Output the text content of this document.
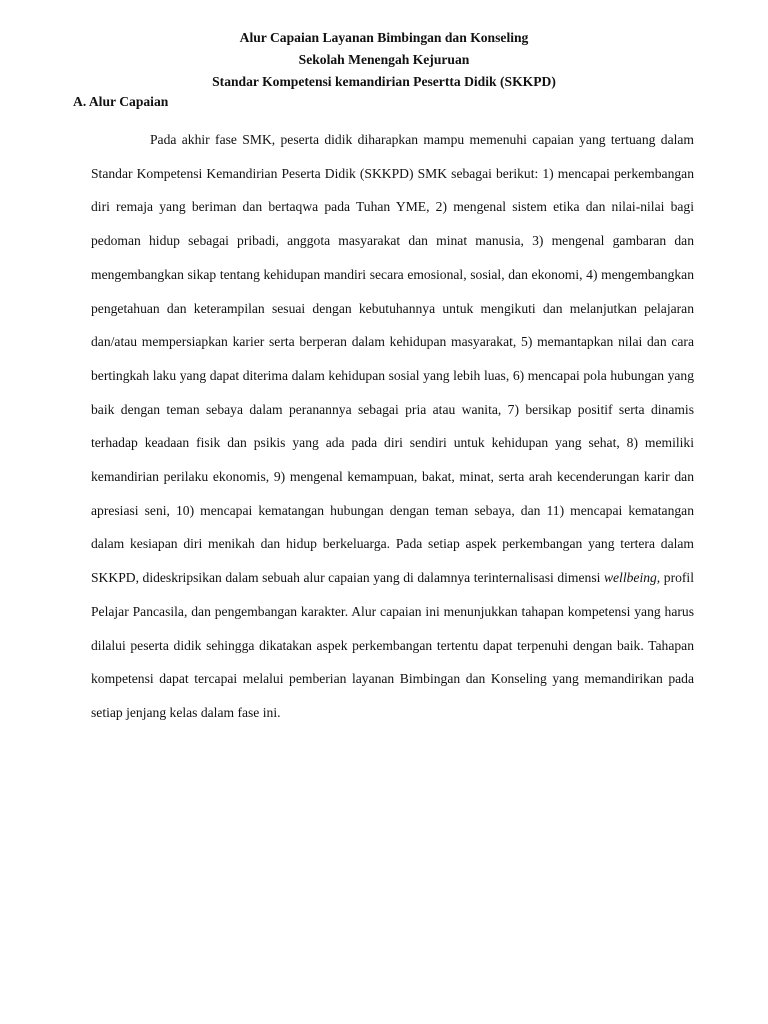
Alur Capaian Layanan Bimbingan dan Konseling

Sekolah Menengah Kejuruan

Standar Kompetensi kemandirian Pesertta Didik (SKKPD)

A. Alur Capaian

Pada akhir fase SMK, peserta didik diharapkan mampu memenuhi capaian yang tertuang dalam Standar Kompetensi Kemandirian Peserta Didik (SKKPD) SMK sebagai berikut: 1) mencapai perkembangan diri remaja yang beriman dan bertaqwa pada Tuhan YME, 2) mengenal sistem etika dan nilai-nilai bagi pedoman hidup sebagai pribadi, anggota masyarakat dan minat manusia, 3) mengenal gambaran dan mengembangkan sikap tentang kehidupan mandiri secara emosional, sosial, dan ekonomi, 4) mengembangkan pengetahuan dan keterampilan sesuai dengan kebutuhannya untuk mengikuti dan melanjutkan pelajaran dan/atau mempersiapkan karier serta berperan dalam kehidupan masyarakat, 5) memantapkan nilai dan cara bertingkah laku yang dapat diterima dalam kehidupan sosial yang lebih luas, 6) mencapai pola hubungan yang baik dengan teman sebaya dalam peranannya sebagai pria atau wanita, 7) bersikap positif serta dinamis terhadap keadaan fisik dan psikis yang ada pada diri sendiri untuk kehidupan yang sehat, 8) memiliki kemandirian perilaku ekonomis, 9) mengenal kemampuan, bakat, minat, serta arah kecenderungan karir dan apresiasi seni, 10) mencapai kematangan hubungan dengan teman sebaya, dan 11) mencapai kematangan dalam kesiapan diri menikah dan hidup berkeluarga. Pada setiap aspek perkembangan yang tertera dalam SKKPD, dideskripsikan dalam sebuah alur capaian yang di dalamnya terinternalisasi dimensi wellbeing, profil Pelajar Pancasila, dan pengembangan karakter. Alur capaian ini menunjukkan tahapan kompetensi yang harus dilalui peserta didik sehingga dikatakan aspek perkembangan tertentu dapat terpenuhi dengan baik. Tahapan kompetensi dapat tercapai melalui pemberian layanan Bimbingan dan Konseling yang memandirikan pada setiap jenjang kelas dalam fase ini.
